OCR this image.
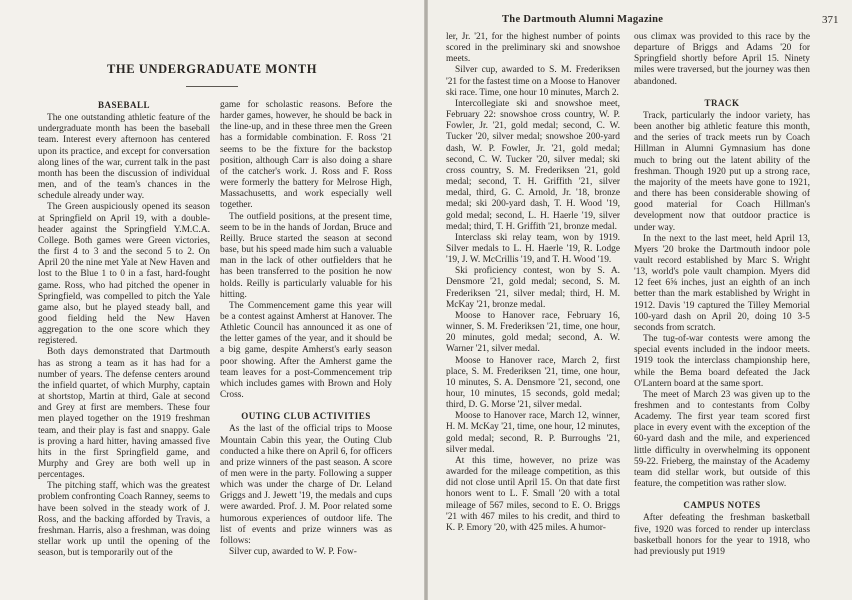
THE UNDERGRADUATE MONTH
BASEBALL

The one outstanding athletic feature of the undergraduate month has been the baseball team. Interest every afternoon has centered upon its practice, and except for conversation along lines of the war, current talk in the past month has been the discussion of individual men, and of the team's chances in the schedule already under way.

The Green auspiciously opened its season at Springfield on April 19, with a double-header against the Springfield Y.M.C.A. College. Both games were Green victories, the first 4 to 3 and the second 5 to 2. On April 20 the nine met Yale at New Haven and lost to the Blue 1 to 0 in a fast, hard-fought game. Ross, who had pitched the opener in Springfield, was compelled to pitch the Yale game also, but he played steady ball, and good fielding held the New Haven aggregation to the one score which they registered.

Both days demonstrated that Dartmouth has as strong a team as it has had for a number of years. The defense centers around the infield quartet, of which Murphy, captain at shortstop, Martin at third, Gale at second and Grey at first are members. These four men played together on the 1919 freshman team, and their play is fast and snappy. Gale is proving a hard hitter, having amassed five hits in the first Springfield game, and Murphy and Grey are both well up in percentages.

The pitching staff, which was the greatest problem confronting Coach Ranney, seems to have been solved in the steady work of J. Ross, and the backing afforded by Travis, a freshman. Harris, also a freshman, was doing stellar work up until the opening of the season, but is temporarily out of the

game for scholastic reasons. Before the harder games, however, he should be back in the line-up, and in these three men the Green has a formidable combination. F. Ross '21 seems to be the fixture for the backstop position, although Carr is also doing a share of the catcher's work. J. Ross and F. Ross were formerly the battery for Melrose High, Massachusetts, and work especially well together.

The outfield positions, at the present time, seem to be in the hands of Jordan, Bruce and Reilly. Bruce started the season at second base, but his speed made him such a valuable man in the lack of other outfielders that he has been transferred to the position he now holds. Reilly is particularly valuable for his hitting.

The Commencement game this year will be a contest against Amherst at Hanover. The Athletic Council has announced it as one of the letter games of the year, and it should be a big game, despite Amherst's early season poor showing. After the Amherst game the team leaves for a post-Commencement trip which includes games with Brown and Holy Cross.

OUTING CLUB ACTIVITIES

As the last of the official trips to Moose Mountain Cabin this year, the Outing Club conducted a hike there on April 6, for officers and prize winners of the past season. A score of men were in the party. Following a supper which was under the charge of Dr. Leland Griggs and J. Jewett '19, the medals and cups were awarded. Prof. J. M. Poor related some humorous experiences of outdoor life. The list of events and prize winners was as follows:

Silver cup, awarded to W. P. Fow-

The Dartmouth Alumni Magazine	371

ler, Jr. '21, for the highest number of points scored in the preliminary ski and snowshoe meets.

Silver cup, awarded to S. M. Frederiksen '21 for the fastest time on a Moose to Hanover ski race. Time, one hour 10 minutes, March 2.

Intercollegiate ski and snowshoe meet, February 22: snowshoe cross country, W. P. Fowler, Jr. '21, gold medal; second, C. W. Tucker '20, silver medal; snowshoe 200-yard dash, W. P. Fowler, Jr. '21, gold medal; second, C. W. Tucker '20, silver medal; ski cross country, S. M. Frederiksen '21, gold medal; second, T. H. Griffith '21, silver medal, third, G. C. Arnold, Jr. '18, bronze medal; ski 200-yard dash, T. H. Wood '19, gold medal; second, L. H. Haerle '19, silver medal; third, T. H. Griffith '21, bronze medal.

Interclass ski relay team, won by 1919. Silver medals to L. H. Haerle '19, R. Lodge '19, J. W. McCrillis '19, and T. H. Wood '19.

Ski proficiency contest, won by S. A. Densmore '21, gold medal; second, S. M. Frederiksen '21, silver medal; third, H. M. McKay '21, bronze medal.

Moose to Hanover race, February 16, winner, S. M. Frederiksen '21, time, one hour, 20 minutes, gold medal; second, A. W. Warner '21, silver medal.

Moose to Hanover race, March 2, first place, S. M. Frederiksen '21, time, one hour, 10 minutes, S. A. Densmore '21, second, one hour, 10 minutes, 15 seconds, gold medal; third, D. G. Morse '21, silver medal.

Moose to Hanover race, March 12, winner, H. M. McKay '21, time, one hour, 12 minutes, gold medal; second, R. P. Burroughs '21, silver medal.

At this time, however, no prize was awarded for the mileage competition, as this did not close until April 15. On that date first honors went to L. F. Small '20 with a total mileage of 567 miles, second to E. O. Briggs '21 with 467 miles to his credit, and third to K. P. Emory '20, with 425 miles. A humor-

ous climax was provided to this race by the departure of Briggs and Adams '20 for Springfield shortly before April 15. Ninety miles were traversed, but the journey was then abandoned.

TRACK

Track, particularly the indoor variety, has been another big athletic feature this month, and the series of track meets run by Coach Hillman in Alumni Gymnasium has done much to bring out the latent ability of the freshman. Though 1920 put up a strong race, the majority of the meets have gone to 1921, and there has been considerable showing of good material for Coach Hillman's development now that outdoor practice is under way.

In the next to the last meet, held April 13, Myers '20 broke the Dartmouth indoor pole vault record established by Marc S. Wright '13, world's pole vault champion. Myers did 12 feet 6⅝ inches, just an eighth of an inch better than the mark established by Wright in 1912. Davis '19 captured the Tilley Memorial 100-yard dash on April 20, doing 10 3-5 seconds from scratch.

The tug-of-war contests were among the special events included in the indoor meets. 1919 took the interclass championship here, while the Bema board defeated the Jack O'Lantern board at the same sport.

The meet of March 23 was given up to the freshmen and to contestants from Colby Academy. The first year team scored first place in every event with the exception of the 60-yard dash and the mile, and experienced little difficulty in overwhelming its opponent 59-22. Frieberg, the mainstay of the Academy team did stellar work, but outside of this feature, the competition was rather slow.

CAMPUS NOTES

After defeating the freshman basketball five, 1920 was forced to render up interclass basketball honors for the year to 1918, who had previously put 1919
